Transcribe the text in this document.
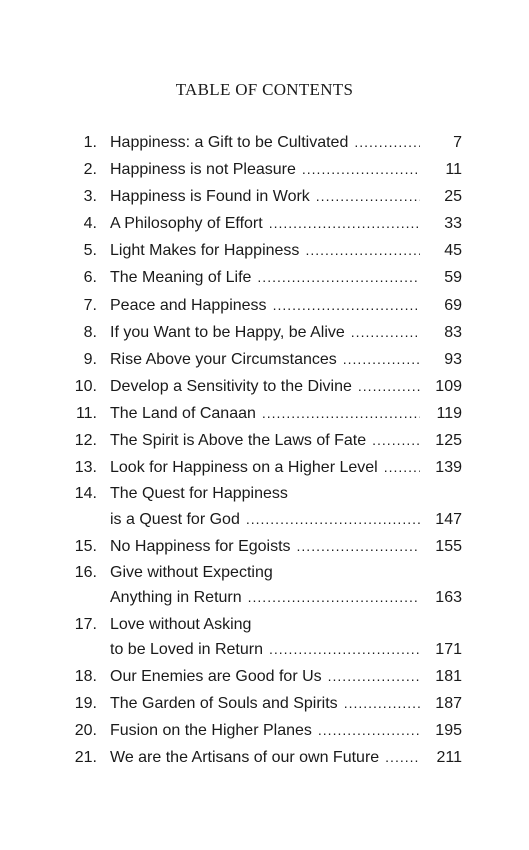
TABLE OF CONTENTS
1. Happiness: a Gift to be Cultivated .....	7
2. Happiness is not Pleasure .....	11
3. Happiness is Found in Work .....	25
4. A Philosophy of Effort .....	33
5. Light Makes for Happiness .....	45
6. The Meaning of Life .....	59
7. Peace and Happiness .....	69
8. If you Want to be Happy, be Alive .....	83
9. Rise Above your Circumstances .....	93
10. Develop a Sensitivity to the Divine .....	109
11. The Land of Canaan .....	119
12. The Spirit is Above the Laws of Fate .....	125
13. Look for Happiness on a Higher Level .....	139
14. The Quest for Happiness
is a Quest for God .....	147
15. No Happiness for Egoists .....	155
16. Give without Expecting
Anything in Return .....	163
17. Love without Asking
to be Loved in Return .....	171
18. Our Enemies are Good for Us .....	181
19. The Garden of Souls and Spirits .....	187
20. Fusion on the Higher Planes .....	195
21. We are the Artisans of our own Future .....	211
